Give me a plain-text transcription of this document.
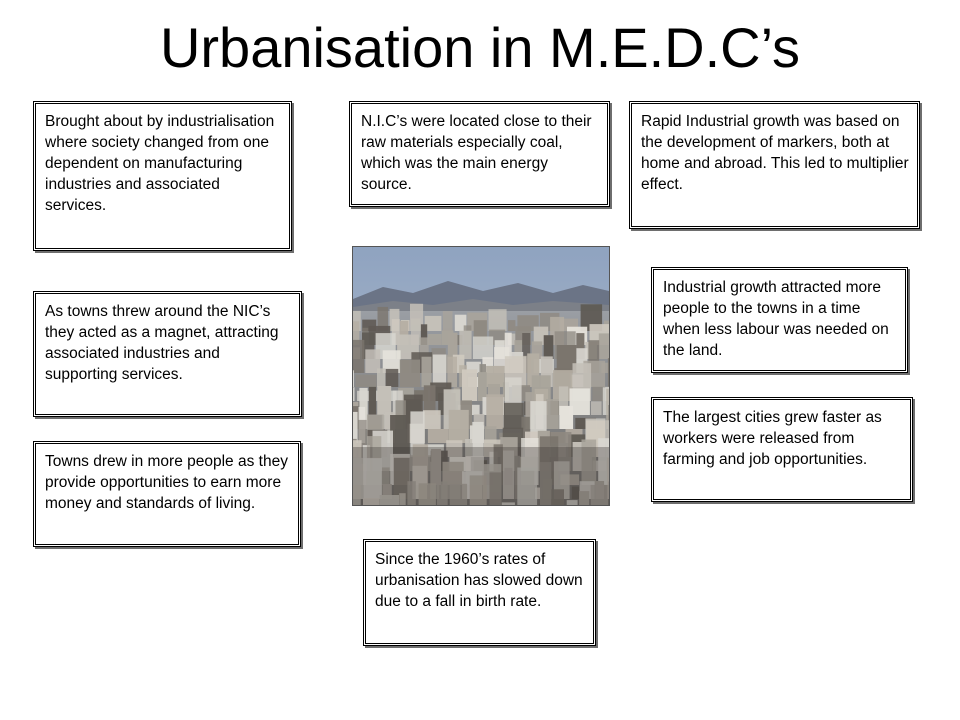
Urbanisation in M.E.D.C’s
Brought about by industrialisation where society changed from one dependent on manufacturing industries and associated services.
N.I.C’s were located close to their raw materials especially coal, which was the main energy source.
Rapid Industrial growth was based on the development of markers, both at home and abroad. This led to multiplier effect.
As towns threw around the NIC’s they acted as a magnet, attracting associated industries and supporting services.
Industrial growth attracted more people to the towns in a time when less labour was needed on the land.
The largest cities grew faster as workers were released from farming and job opportunities.
Towns drew in more people as they provide opportunities to earn more money and standards of living.
Since the 1960’s rates of urbanisation has slowed down due to a fall in birth rate.
